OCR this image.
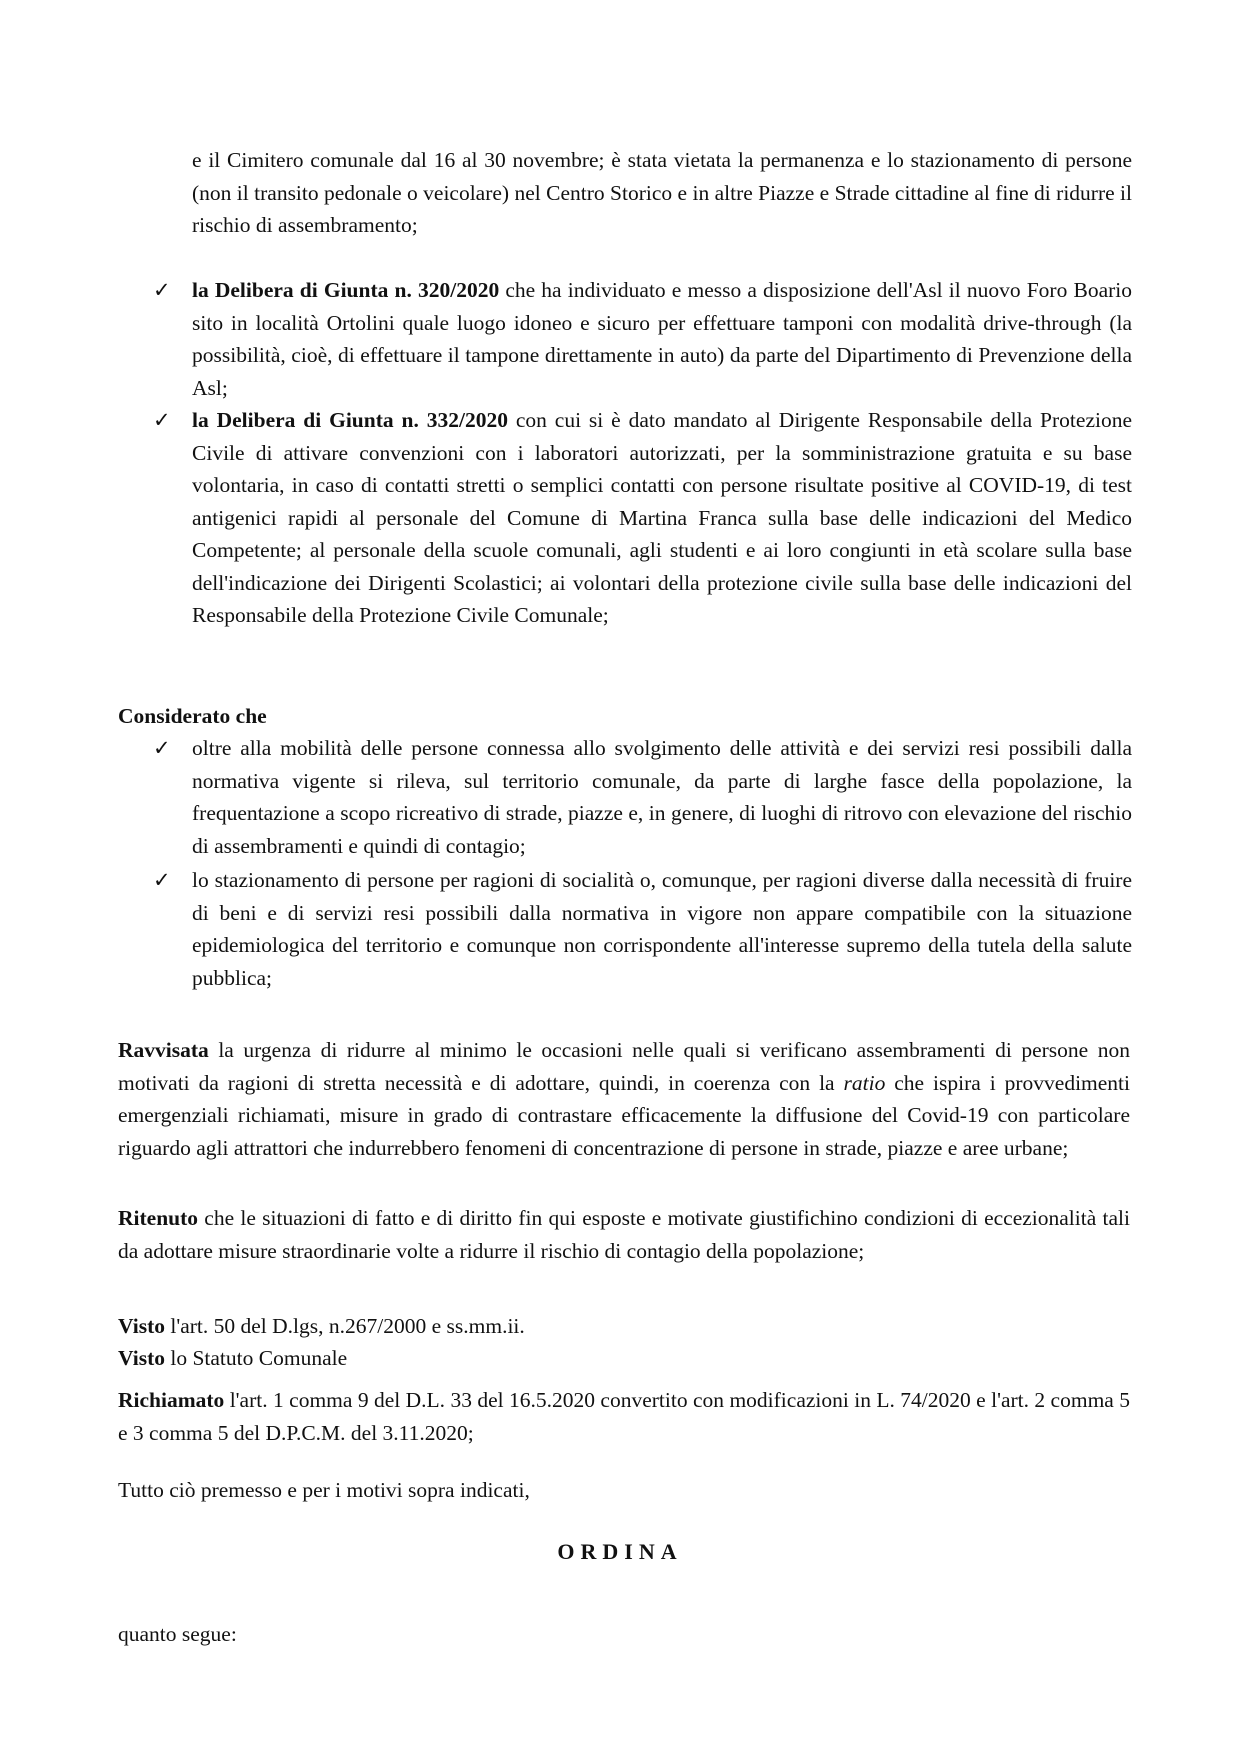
e il Cimitero comunale dal 16 al 30 novembre; è stata vietata la permanenza e lo stazionamento di persone (non il transito pedonale o veicolare) nel Centro Storico e in altre Piazze e Strade cittadine al fine di ridurre il rischio di assembramento;
✓ la Delibera di Giunta n. 320/2020 che ha individuato e messo a disposizione dell'Asl il nuovo Foro Boario sito in località Ortolini quale luogo idoneo e sicuro per effettuare tamponi con modalità drive-through (la possibilità, cioè, di effettuare il tampone direttamente in auto) da parte del Dipartimento di Prevenzione della Asl;
✓ la Delibera di Giunta n. 332/2020 con cui si è dato mandato al Dirigente Responsabile della Protezione Civile di attivare convenzioni con i laboratori autorizzati, per la somministrazione gratuita e su base volontaria, in caso di contatti stretti o semplici contatti con persone risultate positive al COVID-19, di test antigenici rapidi al personale del Comune di Martina Franca sulla base delle indicazioni del Medico Competente; al personale della scuole comunali, agli studenti e ai loro congiunti in età scolare sulla base dell'indicazione dei Dirigenti Scolastici; ai volontari della protezione civile sulla base delle indicazioni del Responsabile della Protezione Civile Comunale;
Considerato che
✓ oltre alla mobilità delle persone connessa allo svolgimento delle attività e dei servizi resi possibili dalla normativa vigente si rileva, sul territorio comunale, da parte di larghe fasce della popolazione, la frequentazione a scopo ricreativo di strade, piazze e, in genere, di luoghi di ritrovo con elevazione del rischio di assembramenti e quindi di contagio;
✓ lo stazionamento di persone per ragioni di socialità o, comunque, per ragioni diverse dalla necessità di fruire di beni e di servizi resi possibili dalla normativa in vigore non appare compatibile con la situazione epidemiologica del territorio e comunque non corrispondente all'interesse supremo della tutela della salute pubblica;
Ravvisata la urgenza di ridurre al minimo le occasioni nelle quali si verificano assembramenti di persone non motivati da ragioni di stretta necessità e di adottare, quindi, in coerenza con la ratio che ispira i provvedimenti emergenziali richiamati, misure in grado di contrastare efficacemente la diffusione del Covid-19 con particolare riguardo agli attrattori che indurrebbero fenomeni di concentrazione di persone in strade, piazze e aree urbane;
Ritenuto che le situazioni di fatto e di diritto fin qui esposte e motivate giustifichino condizioni di eccezionalità tali da adottare misure straordinarie volte a ridurre il rischio di contagio della popolazione;
Visto l'art. 50 del D.lgs, n.267/2000 e ss.mm.ii.
Visto lo Statuto Comunale
Richiamato l'art. 1 comma 9 del D.L. 33 del 16.5.2020 convertito con modificazioni in L. 74/2020 e l'art. 2 comma 5 e 3 comma 5 del D.P.C.M. del 3.11.2020;
Tutto ciò premesso e per i motivi sopra indicati,
ORDINA
quanto segue:
